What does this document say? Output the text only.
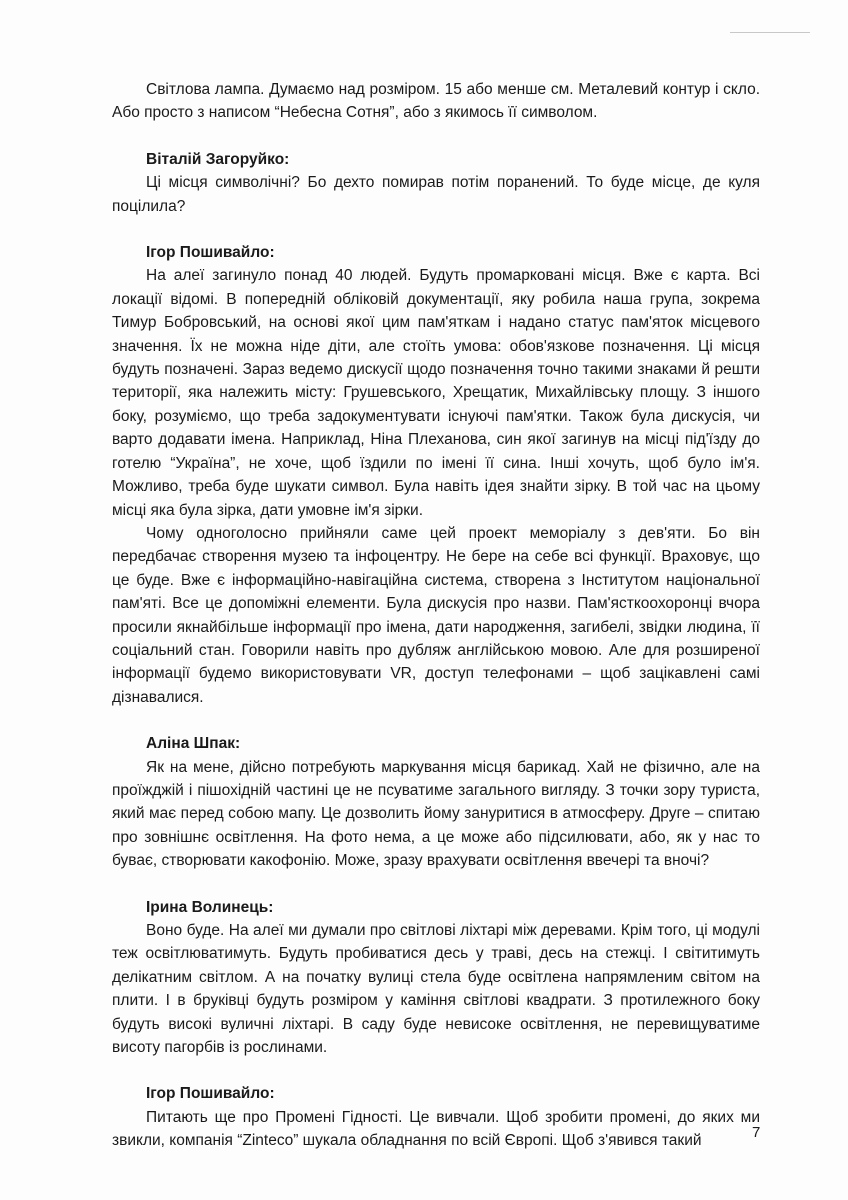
Світлова лампа. Думаємо над розміром. 15 або менше см. Металевий контур і скло. Або просто з написом “Небесна Сотня”, або з якимось її символом.

Віталій Загоруйко:

Ці місця символічні? Бо дехто помирав потім поранений. То буде місце, де куля поцілила?

Ігор Пошивайло:

На алеї загинуло понад 40 людей. Будуть промарковані місця. Вже є карта. Всі локації відомі. В попередній обліковій документації, яку робила наша група, зокрема Тимур Бобровський, на основі якої цим пам'яткам і надано статус пам'яток місцевого значення. Їх не можна ніде діти, але стоїть умова: обов'язкове позначення. Ці місця будуть позначені. Зараз ведемо дискусії щодо позначення точно такими знаками й решти території, яка належить місту: Грушевського, Хрещатик, Михайлівську площу. З іншого боку, розуміємо, що треба задокументувати існуючі пам'ятки. Також була дискусія, чи варто додавати імена. Наприклад, Ніна Плеханова, син якої загинув на місці під'їзду до готелю “Україна”, не хоче, щоб їздили по імені її сина. Інші хочуть, щоб було ім'я. Можливо, треба буде шукати символ. Була навіть ідея знайти зірку. В той час на цьому місці яка була зірка, дати умовне ім'я зірки.

Чому одноголосно прийняли саме цей проект меморіалу з дев'яти. Бо він передбачає створення музею та інфоцентру. Не бере на себе всі функції. Враховує, що це буде. Вже є інформаційно-навігаційна система, створена з Інститутом національної пам'яті. Все це допоміжні елементи. Була дискусія про назви. Пам'ясткоохоронці вчора просили якнайбільше інформації про імена, дати народження, загибелі, звідки людина, її соціальний стан. Говорили навіть про дубляж англійською мовою. Але для розширеної інформації будемо використовувати VR, доступ телефонами – щоб зацікавлені самі дізнавалися.

Аліна Шпак:

Як на мене, дійсно потребують маркування місця барикад. Хай не фізично, але на проїжджій і пішохідній частині це не псуватиме загального вигляду. З точки зору туриста, який має перед собою мапу. Це дозволить йому зануритися в атмосферу. Друге – спитаю про зовнішнє освітлення. На фото нема, а це може або підсилювати, або, як у нас то буває, створювати какофонію. Може, зразу врахувати освітлення ввечері та вночі?

Ірина Волинець:

Воно буде. На алеї ми думали про світлові ліхтарі між деревами. Крім того, ці модулі теж освітлюватимуть. Будуть пробиватися десь у траві, десь на стежці. І світитимуть делікатним світлом. А на початку вулиці стела буде освітлена напрямленим світом на плити. І в бруківці будуть розміром у каміння світлові квадрати. З протилежного боку будуть високі вуличні ліхтарі. В саду буде невисоке освітлення, не перевищуватиме висоту пагорбів із рослинами.

Ігор Пошивайло:

Питають ще про Промені Гідності. Це вивчали. Щоб зробити промені, до яких ми звикли, компанія “Zinteco” шукала обладнання по всій Європі. Щоб з'явився такий	7
